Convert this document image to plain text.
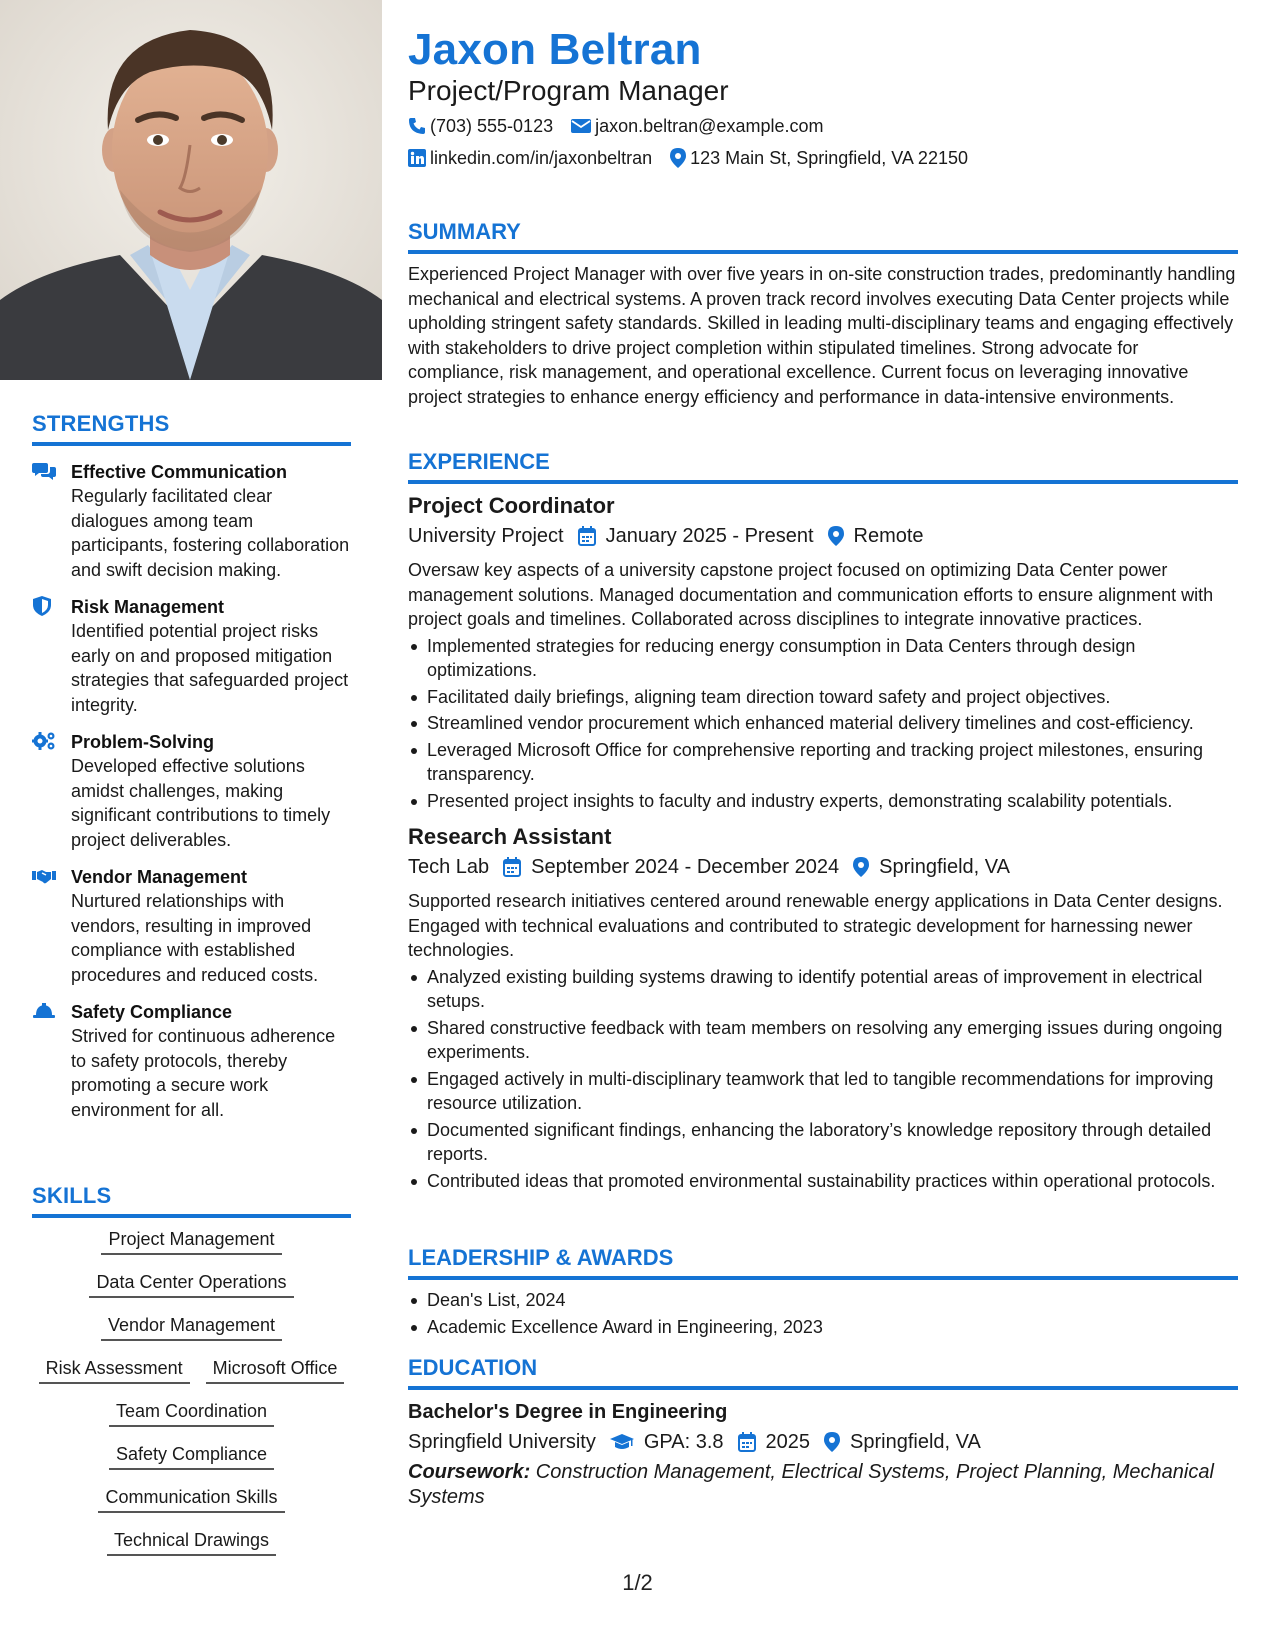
STRENGTHS
Effective Communication
Regularly facilitated clear dialogues among team participants, fostering collaboration and swift decision making.
Risk Management
Identified potential project risks early on and proposed mitigation strategies that safeguarded project integrity.
Problem-Solving
Developed effective solutions amidst challenges, making significant contributions to timely project deliverables.
Vendor Management
Nurtured relationships with vendors, resulting in improved compliance with established procedures and reduced costs.
Safety Compliance
Strived for continuous adherence to safety protocols, thereby promoting a secure work environment for all.
SKILLS
Project Management
Data Center Operations
Vendor Management
Risk Assessment	Microsoft Office
Team Coordination
Safety Compliance
Communication Skills
Technical Drawings
Jaxon Beltran
Project/Program Manager
(703) 555-0123 jaxon.beltran@example.com
linkedin.com/in/jaxonbeltran 123 Main St, Springfield, VA 22150
SUMMARY
Experienced Project Manager with over five years in on-site construction trades, predominantly handling mechanical and electrical systems. A proven track record involves executing Data Center projects while upholding stringent safety standards. Skilled in leading multi-disciplinary teams and engaging effectively with stakeholders to drive project completion within stipulated timelines. Strong advocate for compliance, risk management, and operational excellence. Current focus on leveraging innovative project strategies to enhance energy efficiency and performance in data-intensive environments.
EXPERIENCE
Project Coordinator
University Project January 2025 - Present Remote
Oversaw key aspects of a university capstone project focused on optimizing Data Center power management solutions. Managed documentation and communication efforts to ensure alignment with project goals and timelines. Collaborated across disciplines to integrate innovative practices.
Implemented strategies for reducing energy consumption in Data Centers through design optimizations.
Facilitated daily briefings, aligning team direction toward safety and project objectives.
Streamlined vendor procurement which enhanced material delivery timelines and cost-efficiency.
Leveraged Microsoft Office for comprehensive reporting and tracking project milestones, ensuring transparency.
Presented project insights to faculty and industry experts, demonstrating scalability potentials.
Research Assistant
Tech Lab September 2024 - December 2024 Springfield, VA
Supported research initiatives centered around renewable energy applications in Data Center designs. Engaged with technical evaluations and contributed to strategic development for harnessing newer technologies.
Analyzed existing building systems drawing to identify potential areas of improvement in electrical setups.
Shared constructive feedback with team members on resolving any emerging issues during ongoing experiments.
Engaged actively in multi-disciplinary teamwork that led to tangible recommendations for improving resource utilization.
Documented significant findings, enhancing the laboratory’s knowledge repository through detailed reports.
Contributed ideas that promoted environmental sustainability practices within operational protocols.
LEADERSHIP & AWARDS
Dean's List, 2024
Academic Excellence Award in Engineering, 2023
EDUCATION
Bachelor's Degree in Engineering
Springfield University GPA: 3.8 2025 Springfield, VA
Coursework: Construction Management, Electrical Systems, Project Planning, Mechanical Systems
1/2
